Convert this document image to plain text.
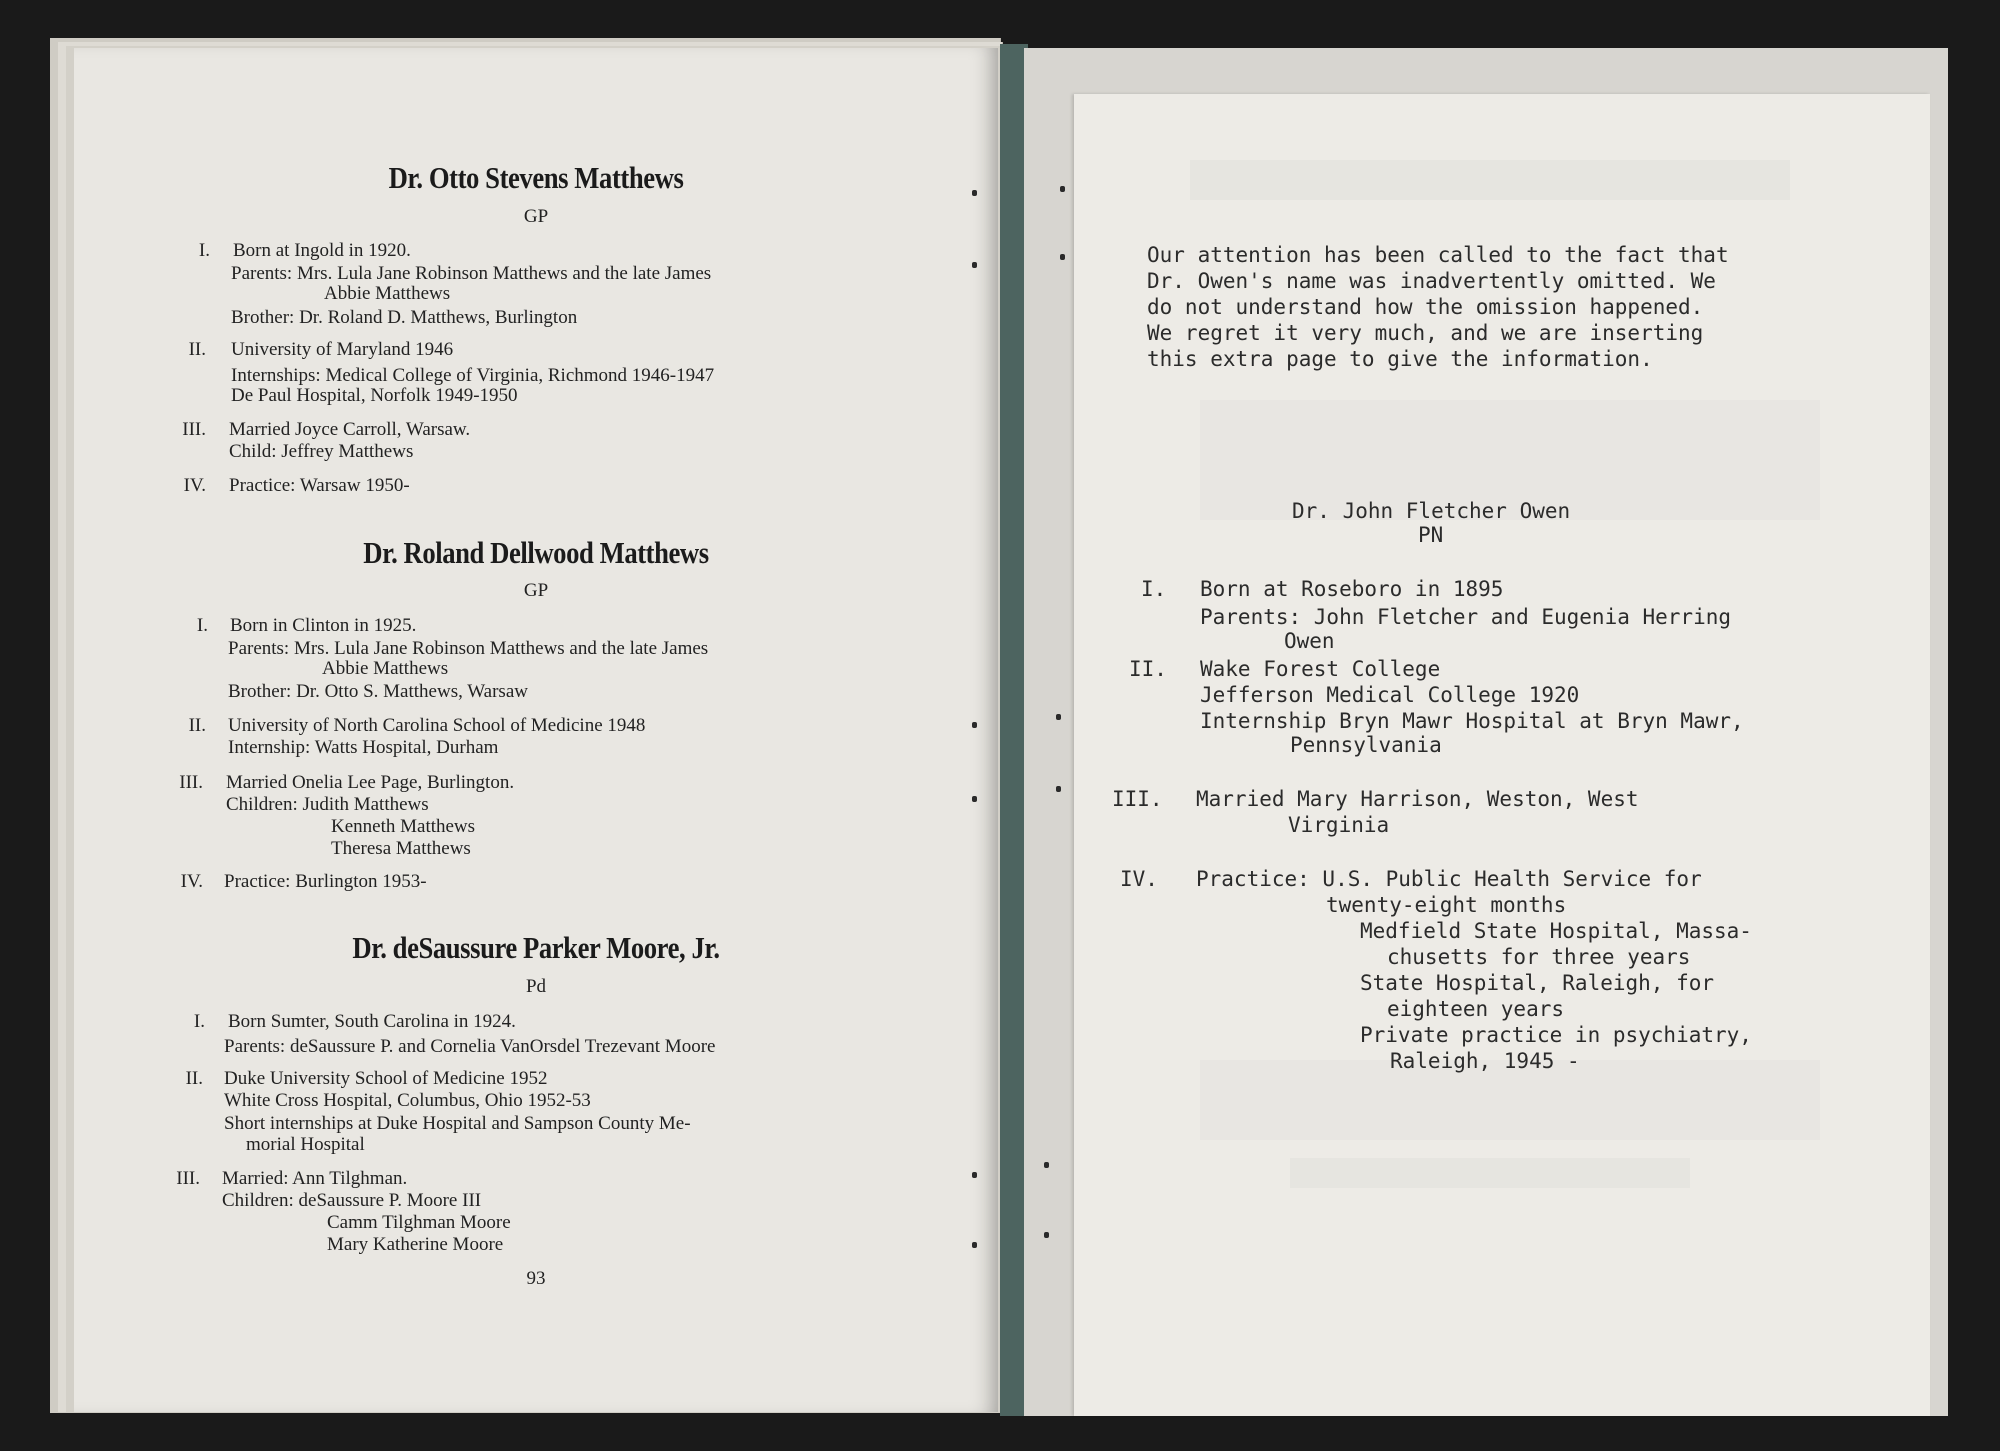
Dr. Otto Stevens Matthews
GP
I. Born at Ingold in 1920.
Parents: Mrs. Lula Jane Robinson Matthews and the late James
Abbie Matthews
Brother: Dr. Roland D. Matthews, Burlington
II. University of Maryland 1946
Internships: Medical College of Virginia, Richmond 1946-1947
De Paul Hospital, Norfolk 1949-1950
III. Married Joyce Carroll, Warsaw.
Child: Jeffrey Matthews
IV. Practice: Warsaw 1950-
Dr. Roland Dellwood Matthews
GP
I. Born in Clinton in 1925.
Parents: Mrs. Lula Jane Robinson Matthews and the late James
Abbie Matthews
Brother: Dr. Otto S. Matthews, Warsaw
II. University of North Carolina School of Medicine 1948
Internship: Watts Hospital, Durham
III. Married Onelia Lee Page, Burlington.
Children: Judith Matthews
Kenneth Matthews
Theresa Matthews
IV. Practice: Burlington 1953-
Dr. deSaussure Parker Moore, Jr.
Pd
I. Born Sumter, South Carolina in 1924.
Parents: deSaussure P. and Cornelia VanOrsdel Trezevant Moore
II. Duke University School of Medicine 1952
White Cross Hospital, Columbus, Ohio 1952-53
Short internships at Duke Hospital and Sampson County Me-
morial Hospital
III. Married: Ann Tilghman.
Children: deSaussure P. Moore III
Camm Tilghman Moore
Mary Katherine Moore
93
Our attention has been called to the fact that
Dr. Owen's name was inadvertently omitted. We
do not understand how the omission happened.
We regret it very much, and we are inserting
this extra page to give the information.
Dr. John Fletcher Owen
PN
I. Born at Roseboro in 1895
Parents: John Fletcher and Eugenia Herring
Owen
II. Wake Forest College
Jefferson Medical College 1920
Internship Bryn Mawr Hospital at Bryn Mawr,
Pennsylvania
III. Married Mary Harrison, Weston, West
Virginia
IV. Practice: U.S. Public Health Service for
twenty-eight months
Medfield State Hospital, Massa-
chusetts for three years
State Hospital, Raleigh, for
eighteen years
Private practice in psychiatry,
Raleigh, 1945 -
